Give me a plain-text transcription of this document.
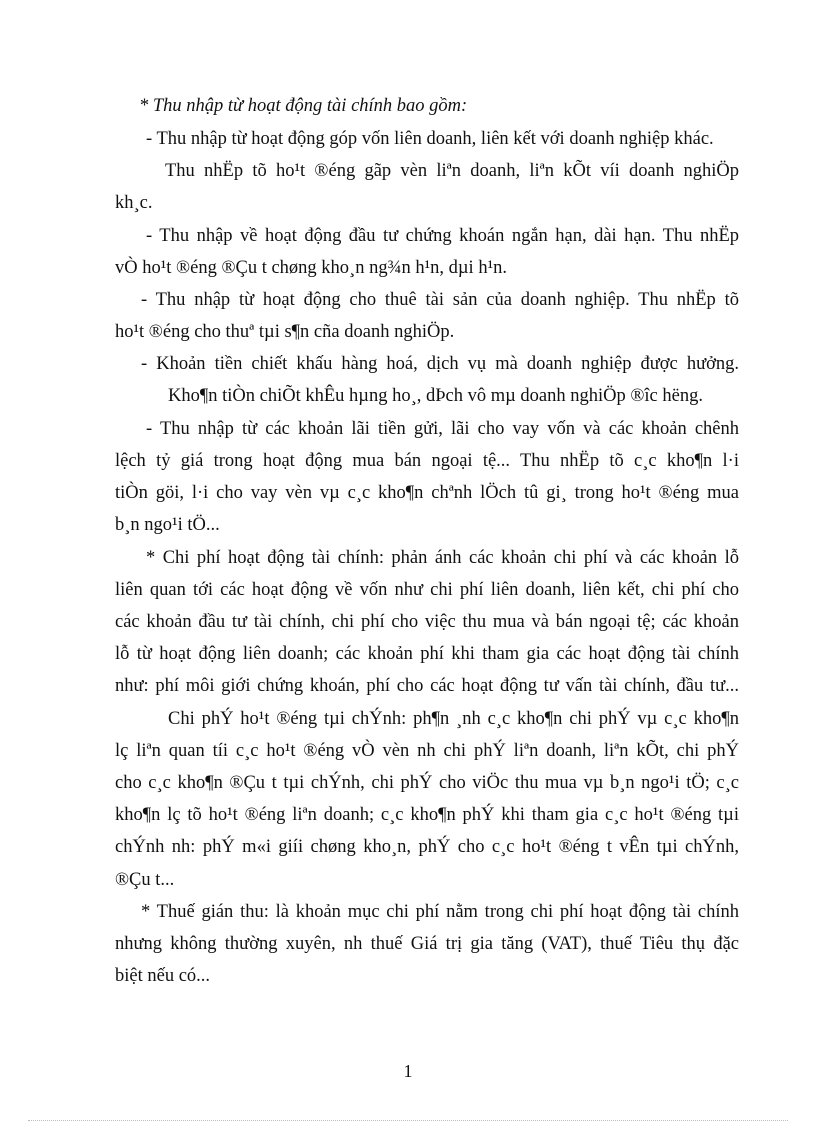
* Thu nhập từ hoạt động tài chính bao gồm:
- Thu nhập từ hoạt động góp vốn liên doanh, liên kết với doanh nghiệp khác.
Thu nhËp tõ ho¹t ®éng gãp vèn liªn doanh, liªn kÕt víi doanh nghiÖp
kh¸c.
- Thu nhập về hoạt động đầu tư chứng khoán ngắn hạn, dài hạn. Thu nhËp
vÒ ho¹t ®éng ®Çu t chøng kho¸n ng¾n h¹n, dµi h¹n.
- Thu nhập từ hoạt động cho thuê tài sản của doanh nghiệp. Thu nhËp tõ
ho¹t ®éng cho thuª tµi s¶n cña doanh nghiÖp.
- Khoản tiền chiết khấu hàng hoá, dịch vụ mà doanh nghiệp được hưởng.
Kho¶n tiÒn chiÕt khÊu hµng ho¸, dÞch vô mµ doanh nghiÖp ®îc hëng.
- Thu nhập từ các khoản lãi tiền gửi, lãi cho vay vốn và các khoản chênh
lệch tỷ giá trong hoạt động mua bán ngoại tệ... Thu nhËp tõ c¸c kho¶n l·i
tiÒn göi, l·i cho vay vèn vµ c¸c kho¶n chªnh lÖch tû gi¸ trong ho¹t ®éng mua
b¸n ngo¹i tÖ...
* Chi phí hoạt động tài chính: phản ánh các khoản chi phí và các khoản lỗ
liên quan tới các hoạt động về vốn như chi phí liên doanh, liên kết, chi phí cho
các khoản đầu tư tài chính, chi phí cho việc thu mua và bán ngoại tệ; các khoản
lỗ từ hoạt động liên doanh; các khoản phí khi tham gia các hoạt động tài chính
như: phí môi giới chứng khoán, phí cho các hoạt động tư vấn tài chính, đầu tư...
Chi phÝ ho¹t ®éng tµi chÝnh: ph¶n ¸nh c¸c kho¶n chi phÝ vµ c¸c kho¶n
lç liªn quan tíi c¸c ho¹t ®éng vÒ vèn nh chi phÝ liªn doanh, liªn kÕt, chi phÝ
cho c¸c kho¶n ®Çu t tµi chÝnh, chi phÝ cho viÖc thu mua vµ b¸n ngo¹i tÖ; c¸c
kho¶n lç tõ ho¹t ®éng liªn doanh; c¸c kho¶n phÝ khi tham gia c¸c ho¹t ®éng tµi
chÝnh nh: phÝ m«i giíi chøng kho¸n, phÝ cho c¸c ho¹t ®éng t vÊn tµi chÝnh,
®Çu t...
* Thuế gián thu: là khoản mục chi phí nằm trong chi phí hoạt động tài chính
nhưng không thường xuyên, nh thuế Giá trị gia tăng (VAT), thuế Tiêu thụ đặc
biệt nếu có...
1
